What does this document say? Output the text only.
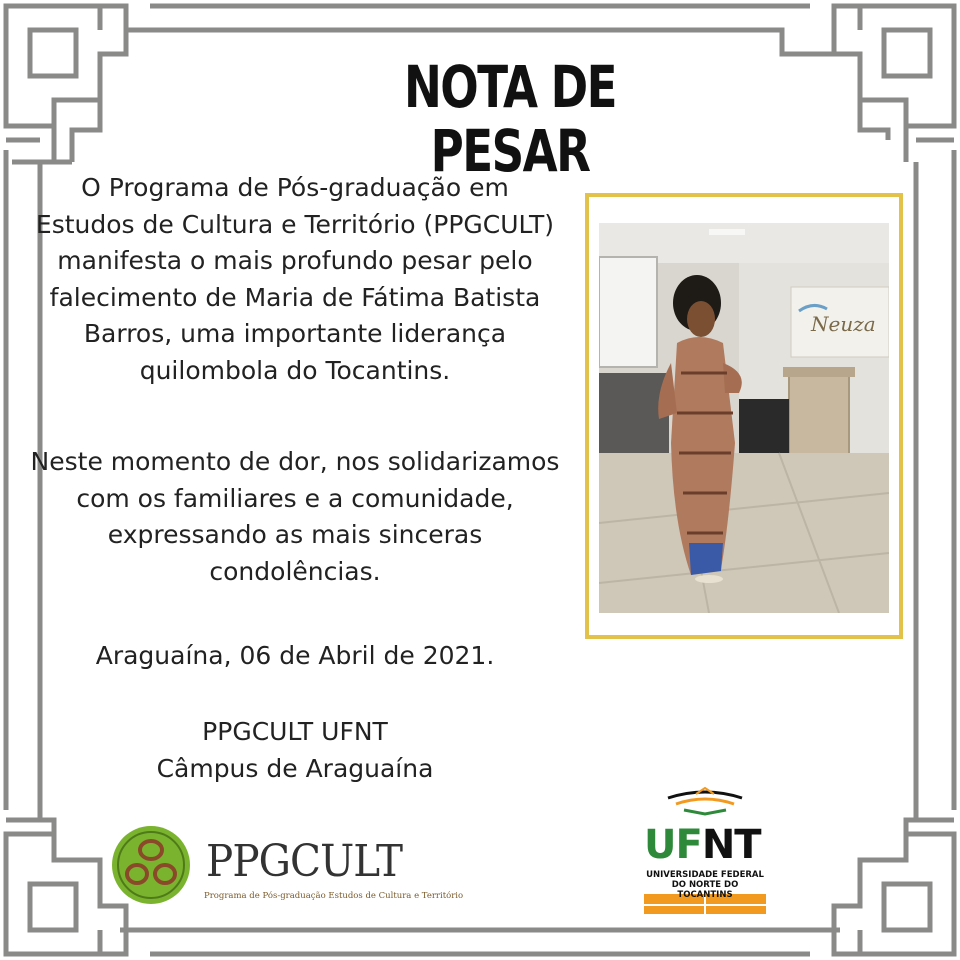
NOTA DE PESAR

O Programa de Pós-graduação em Estudos de Cultura e Território (PPGCULT) manifesta o mais profundo pesar pelo falecimento de Maria de Fátima Batista Barros, uma importante liderança quilombola do Tocantins.

Neste momento de dor, nos solidarizamos com os familiares e a comunidade, expressando as mais sinceras condolências.

Araguaína, 06 de Abril de 2021.

PPGCULT UFNT
Câmpus de Araguaína
Neuza
PPGCULT
Programa de Pós-graduação Estudos de Cultura e Território
UFNT
UNIVERSIDADE FEDERAL
DO NORTE DO TOCANTINS
